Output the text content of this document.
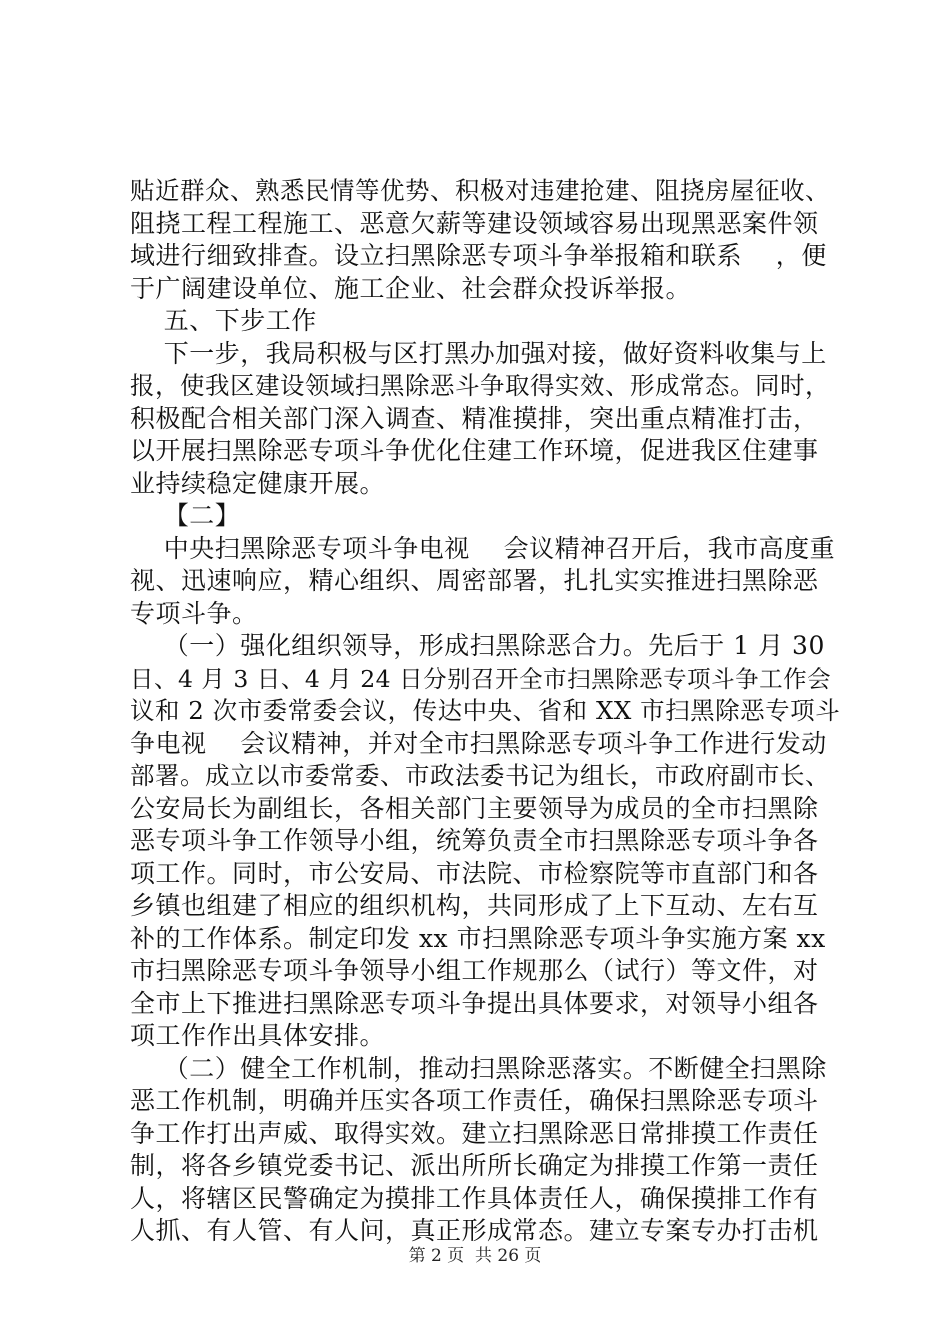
贴近群众、熟悉民情等优势、积极对违建抢建、阻挠房屋征收、
阻挠工程工程施工、恶意欠薪等建设领域容易出现黑恶案件领
域进行细致排查。设立扫黑除恶专项斗争举报箱和联系    ，便
于广阔建设单位、施工企业、社会群众投诉举报。
五、下步工作
下一步，我局积极与区打黑办加强对接，做好资料收集与上
报，使我区建设领域扫黑除恶斗争取得实效、形成常态。同时，
积极配合相关部门深入调查、精准摸排，突出重点精准打击，
以开展扫黑除恶专项斗争优化住建工作环境，促进我区住建事
业持续稳定健康开展。
【二】
中央扫黑除恶专项斗争电视    会议精神召开后，我市高度重
视、迅速响应，精心组织、周密部署，扎扎实实推进扫黑除恶
专项斗争。
（一）强化组织领导，形成扫黑除恶合力。先后于 1 月 30
日、4 月 3 日、4 月 24 日分别召开全市扫黑除恶专项斗争工作会
议和 2 次市委常委会议，传达中央、省和 XX 市扫黑除恶专项斗
争电视    会议精神，并对全市扫黑除恶专项斗争工作进行发动
部署。成立以市委常委、市政法委书记为组长，市政府副市长、
公安局长为副组长，各相关部门主要领导为成员的全市扫黑除
恶专项斗争工作领导小组，统筹负责全市扫黑除恶专项斗争各
项工作。同时，市公安局、市法院、市检察院等市直部门和各
乡镇也组建了相应的组织机构，共同形成了上下互动、左右互
补的工作体系。制定印发 xx 市扫黑除恶专项斗争实施方案 xx
市扫黑除恶专项斗争领导小组工作规那么（试行）等文件，对
全市上下推进扫黑除恶专项斗争提出具体要求，对领导小组各
项工作作出具体安排。
（二）健全工作机制，推动扫黑除恶落实。不断健全扫黑除
恶工作机制，明确并压实各项工作责任，确保扫黑除恶专项斗
争工作打出声威、取得实效。建立扫黑除恶日常排摸工作责任
制，将各乡镇党委书记、派出所所长确定为排摸工作第一责任
人，将辖区民警确定为摸排工作具体责任人，确保摸排工作有
人抓、有人管、有人问，真正形成常态。建立专案专办打击机
第 2 页  共 26 页
